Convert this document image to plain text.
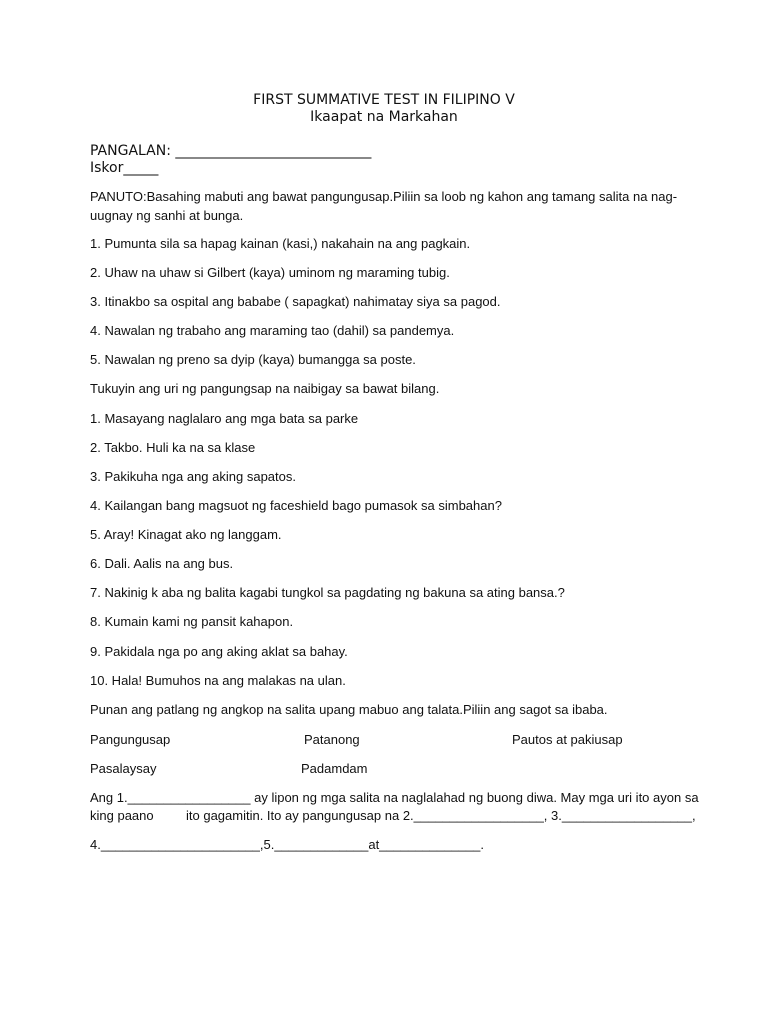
FIRST SUMMATIVE TEST IN FILIPINO V
Ikaapat na Markahan
PANGALAN: ____________________________
Iskor_____
PANUTO:Basahing mabuti ang bawat pangungusap.Piliin sa loob ng kahon ang tamang salita na nag-uugnay ng sanhi at bunga.
1. Pumunta sila sa hapag kainan (kasi,) nakahain na ang pagkain.
2. Uhaw na uhaw si Gilbert (kaya) uminom ng maraming tubig.
3. Itinakbo sa ospital ang bababe ( sapagkat) nahimatay siya sa pagod.
4. Nawalan ng trabaho ang maraming tao (dahil) sa pandemya.
5. Nawalan ng preno sa dyip (kaya) bumangga sa poste.
Tukuyin ang uri ng pangungsap na naibigay sa bawat bilang.
1. Masayang naglalaro ang mga bata sa parke
2. Takbo. Huli ka na sa klase
3. Pakikuha nga ang aking sapatos.
4. Kailangan bang magsuot ng faceshield bago pumasok sa simbahan?
5. Aray! Kinagat ako ng langgam.
6. Dali. Aalis na ang bus.
7. Nakinig k aba ng balita kagabi tungkol sa pagdating ng bakuna sa ating bansa.?
8. Kumain kami ng pansit kahapon.
9. Pakidala nga po ang aking aklat sa bahay.
10. Hala! Bumuhos na ang malakas na ulan.
Punan ang patlang ng angkop na salita upang mabuo ang talata.Piliin ang sagot sa ibaba.
Pangungusap	Patanong	Pautos at pakiusap
Pasalaysay	Padamdam
Ang 1._________________ ay lipon ng mga salita na naglalahad ng buong diwa. May mga uri ito ayon sa
king paano ito gagamitin. Ito ay pangungusap na 2.__________________, 3.__________________,
4.______________________,5._____________at______________.
